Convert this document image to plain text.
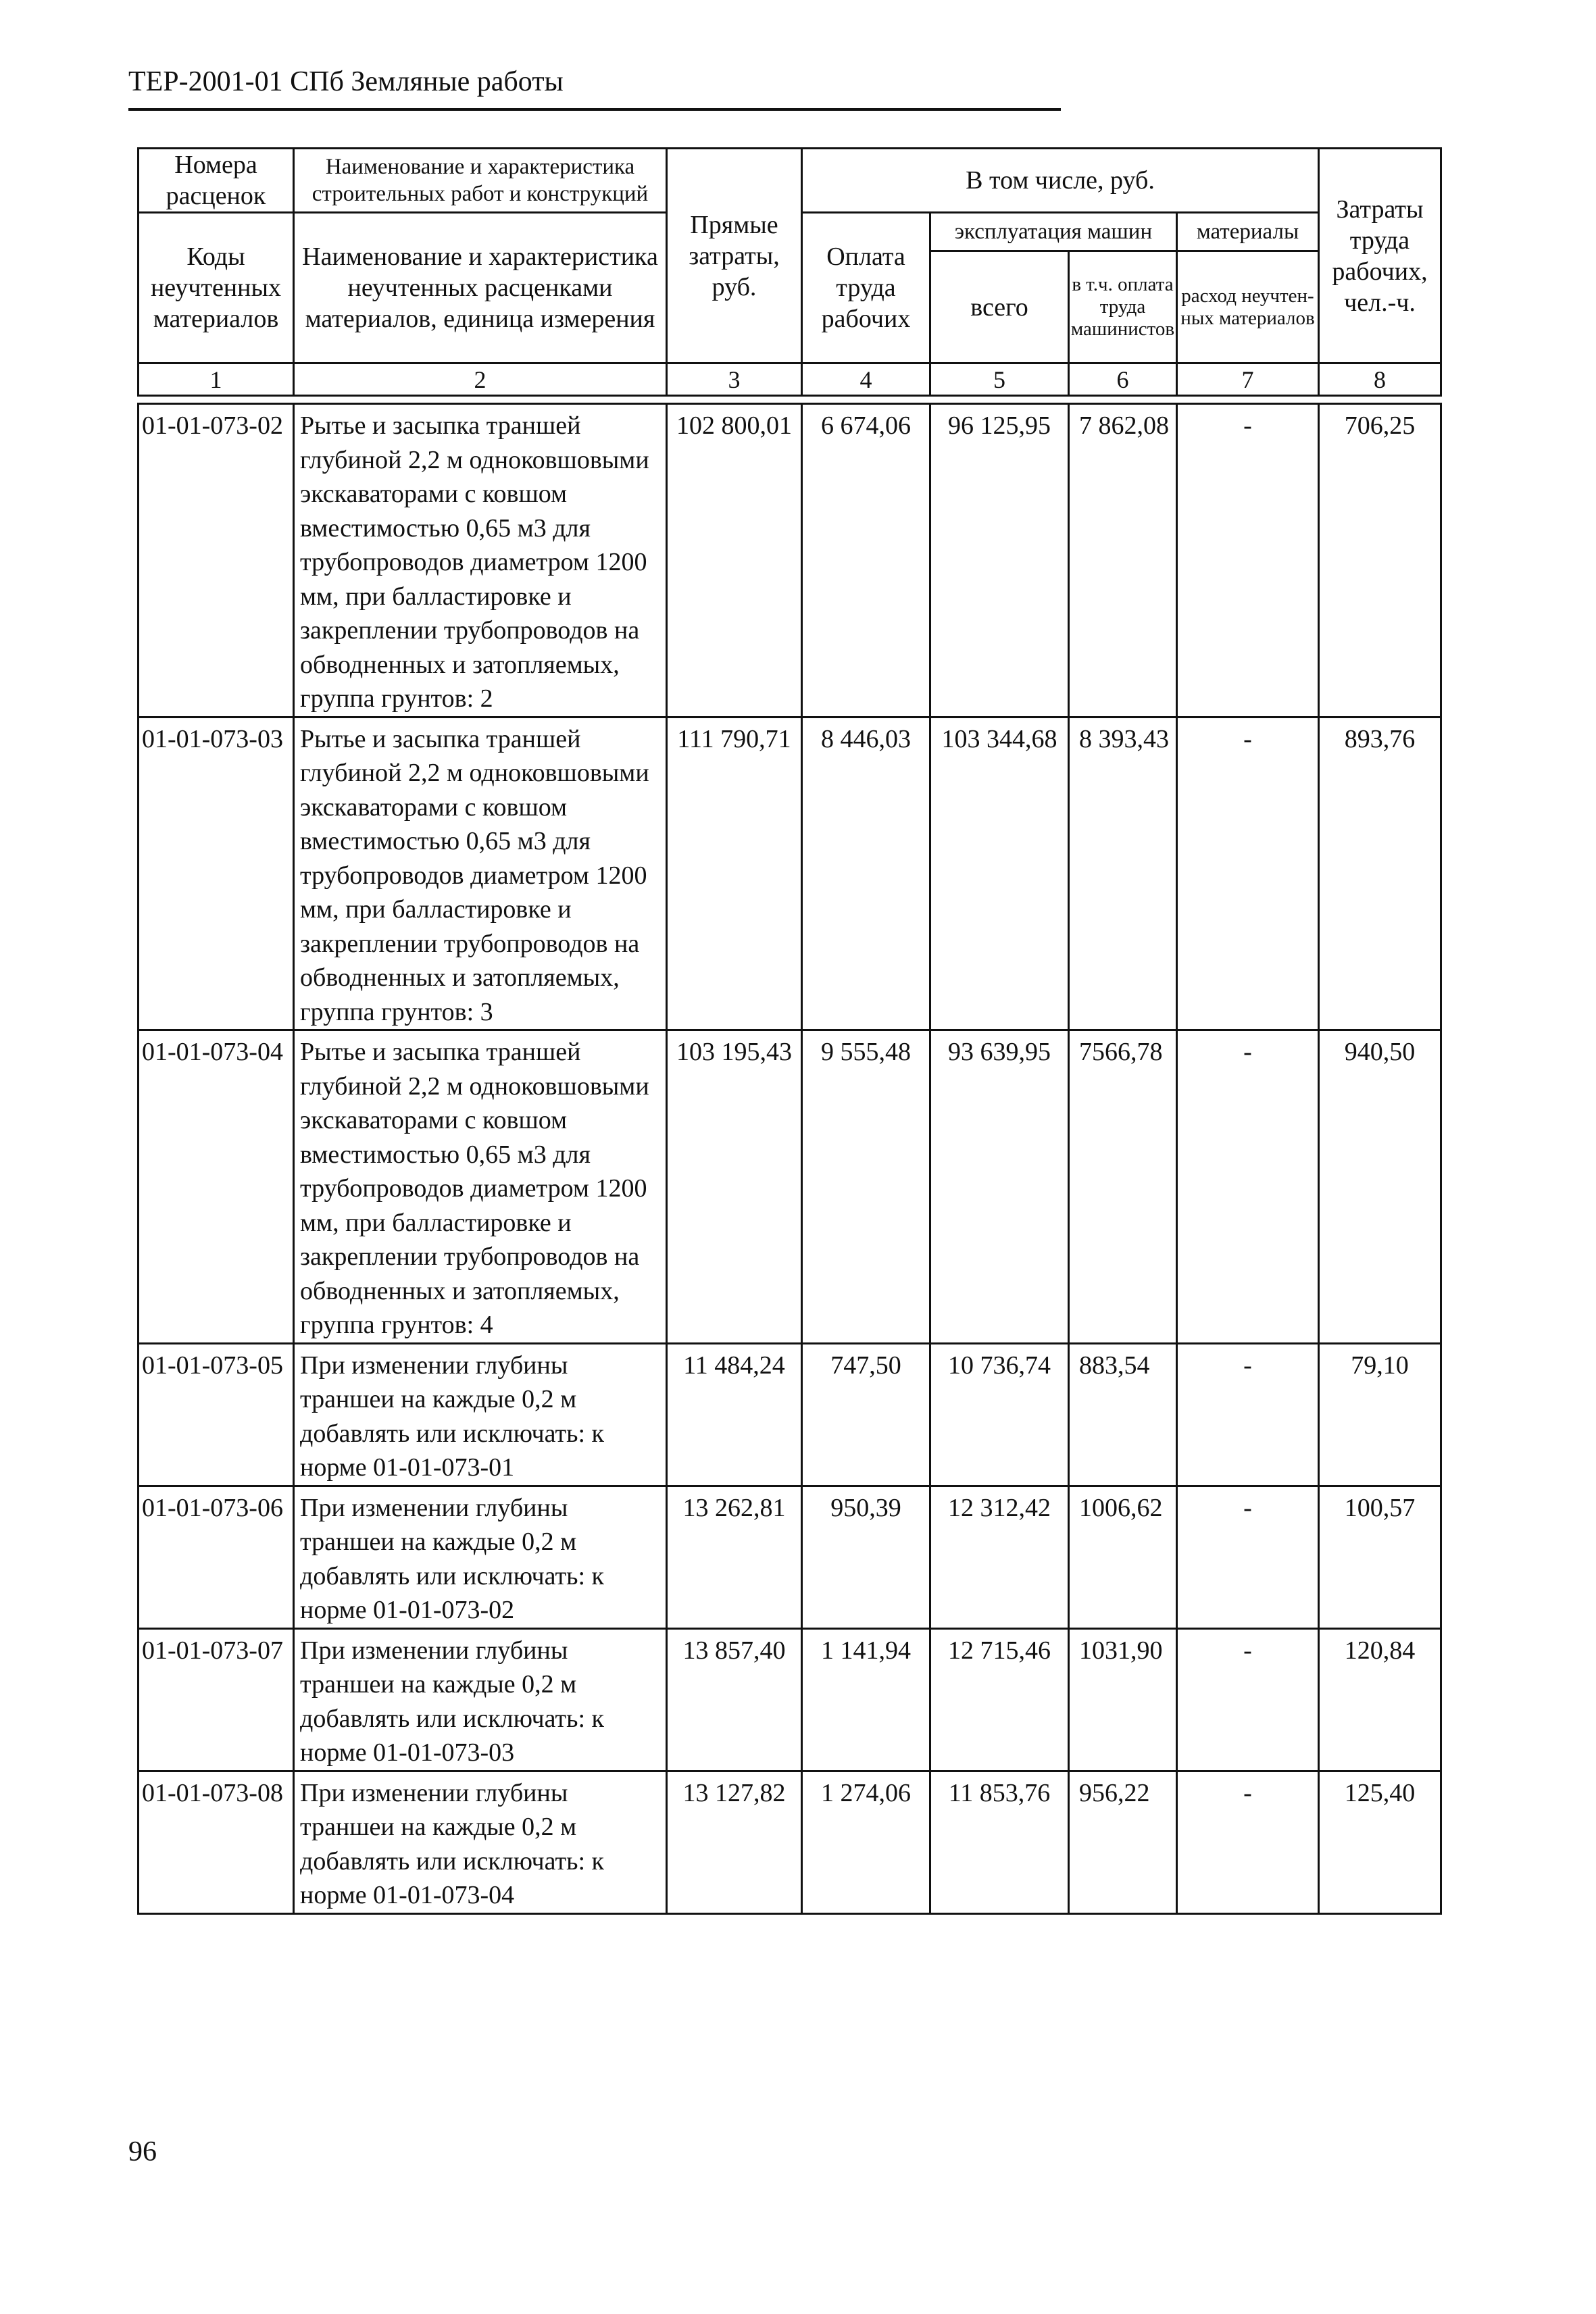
ТЕР-2001-01 СПб Земляные работы
Номера расценок	Наименование и характеристика строительных работ и конструкций	Прямые затраты, руб.	В том числе, руб.				Затраты труда рабочих, чел.-ч.
Коды неучтенных материалов	Наименование и характеристика неучтенных расценками материалов, единица измерения		Оплата труда рабочих	эксплуатация машин		материалы	
				всего	в т.ч. оплата труда машинистов	расход неучтен-ных материалов	
1	2	3	4	5	6	7	8
01-01-073-02	Рытье и засыпка траншей глубиной 2,2 м одноковшовыми экскаваторами с ковшом вместимостью 0,65 м3 для трубопроводов диаметром 1200 мм, при балластировке и закреплении трубопроводов на обводненных и затопляемых, группа грунтов: 2	102 800,01	6 674,06	96 125,95	7 862,08	-	706,25
01-01-073-03	Рытье и засыпка траншей глубиной 2,2 м одноковшовыми экскаваторами с ковшом вместимостью 0,65 м3 для трубопроводов диаметром 1200 мм, при балластировке и закреплении трубопроводов на обводненных и затопляемых, группа грунтов: 3	111 790,71	8 446,03	103 344,68	8 393,43	-	893,76
01-01-073-04	Рытье и засыпка траншей глубиной 2,2 м одноковшовыми экскаваторами с ковшом вместимостью 0,65 м3 для трубопроводов диаметром 1200 мм, при балластировке и закреплении трубопроводов на обводненных и затопляемых, группа грунтов: 4	103 195,43	9 555,48	93 639,95	7566,78	-	940,50
01-01-073-05	При изменении глубины траншеи на каждые 0,2 м добавлять или исключать: к норме 01-01-073-01	11 484,24	747,50	10 736,74	883,54	-	79,10
01-01-073-06	При изменении глубины траншеи на каждые 0,2 м добавлять или исключать: к норме 01-01-073-02	13 262,81	950,39	12 312,42	1006,62	-	100,57
01-01-073-07	При изменении глубины траншеи на каждые 0,2 м добавлять или исключать: к норме 01-01-073-03	13 857,40	1 141,94	12 715,46	1031,90	-	120,84
01-01-073-08	При изменении глубины траншеи на каждые 0,2 м добавлять или исключать: к норме 01-01-073-04	13 127,82	1 274,06	11 853,76	956,22	-	125,40
96
